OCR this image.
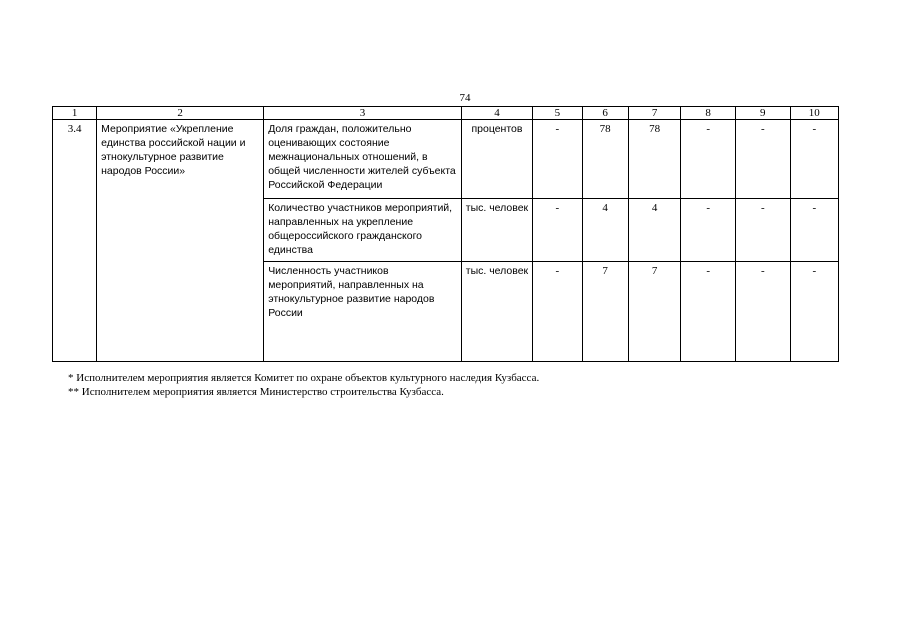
74
1	2	3	4	5	6	7	8	9	10
3.4	Мероприятие «Укрепление единства российской нации и этнокультурное развитие народов России»	Доля граждан, положительно оценивающих состояние межнациональных отношений, в общей численности жителей субъекта Российской Федерации	процентов	-	78	78	-	-	-
		Количество участников мероприятий, направленных на укрепление общероссийского гражданского единства	тыс. человек	-	4	4	-	-	-
		Численность участников мероприятий, направленных на этнокультурное развитие народов России	тыс. человек	-	7	7	-	-	-
* Исполнителем мероприятия является Комитет по охране объектов культурного наследия Кузбасса.
** Исполнителем мероприятия является Министерство строительства Кузбасса.
